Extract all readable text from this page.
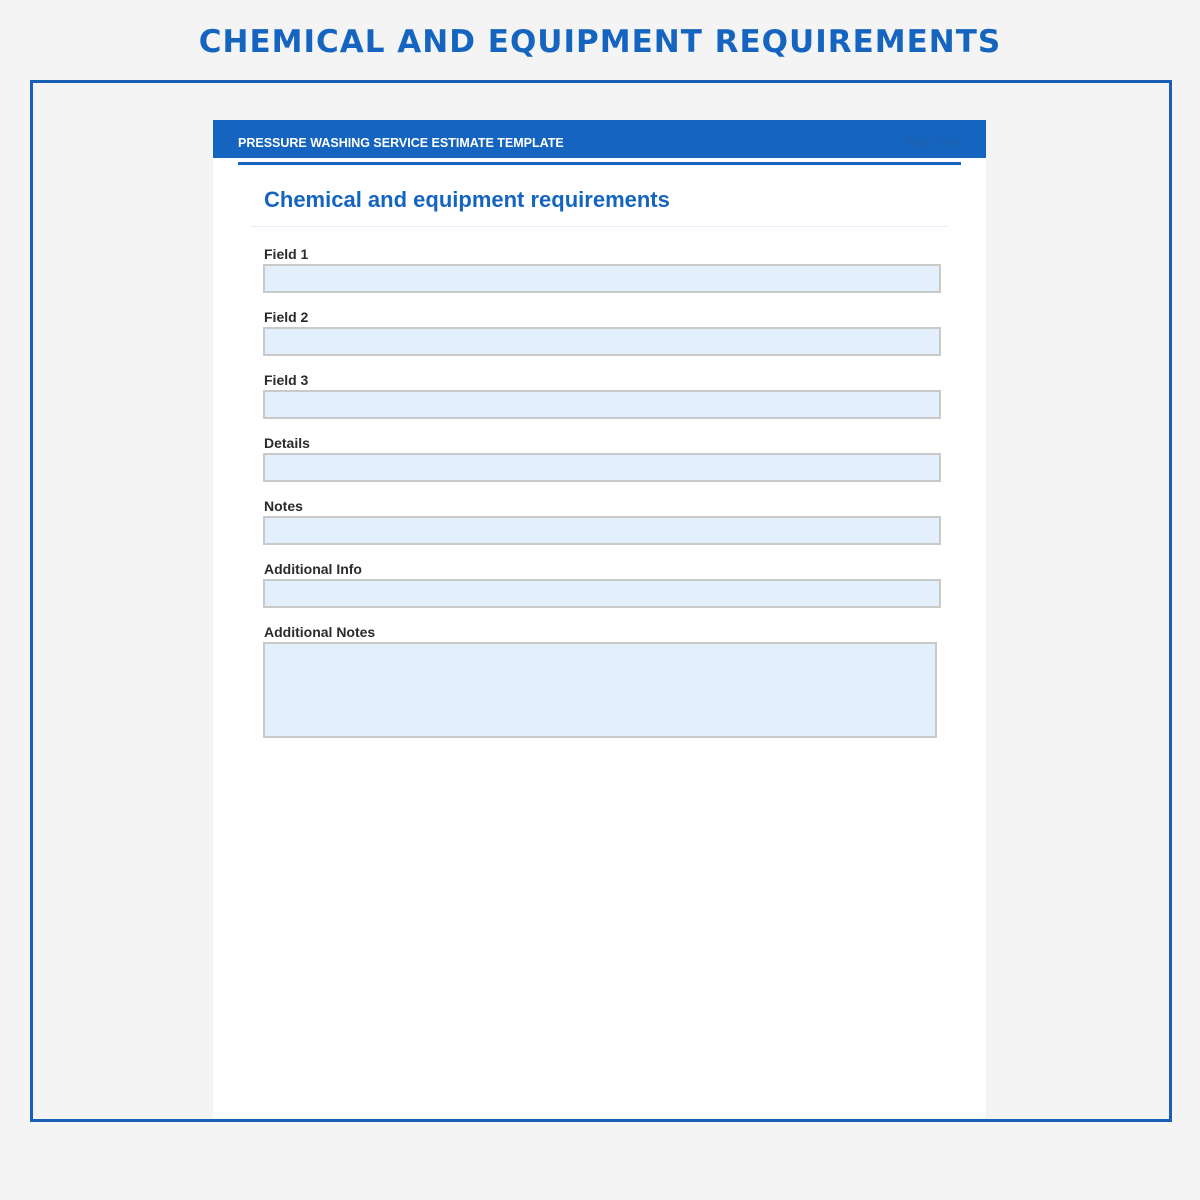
CHEMICAL AND EQUIPMENT REQUIREMENTS
PRESSURE WASHING SERVICE ESTIMATE TEMPLATE	Page 3 of 4
Chemical and equipment requirements
Field 1
Field 2
Field 3
Details
Notes
Additional Info
Additional Notes
